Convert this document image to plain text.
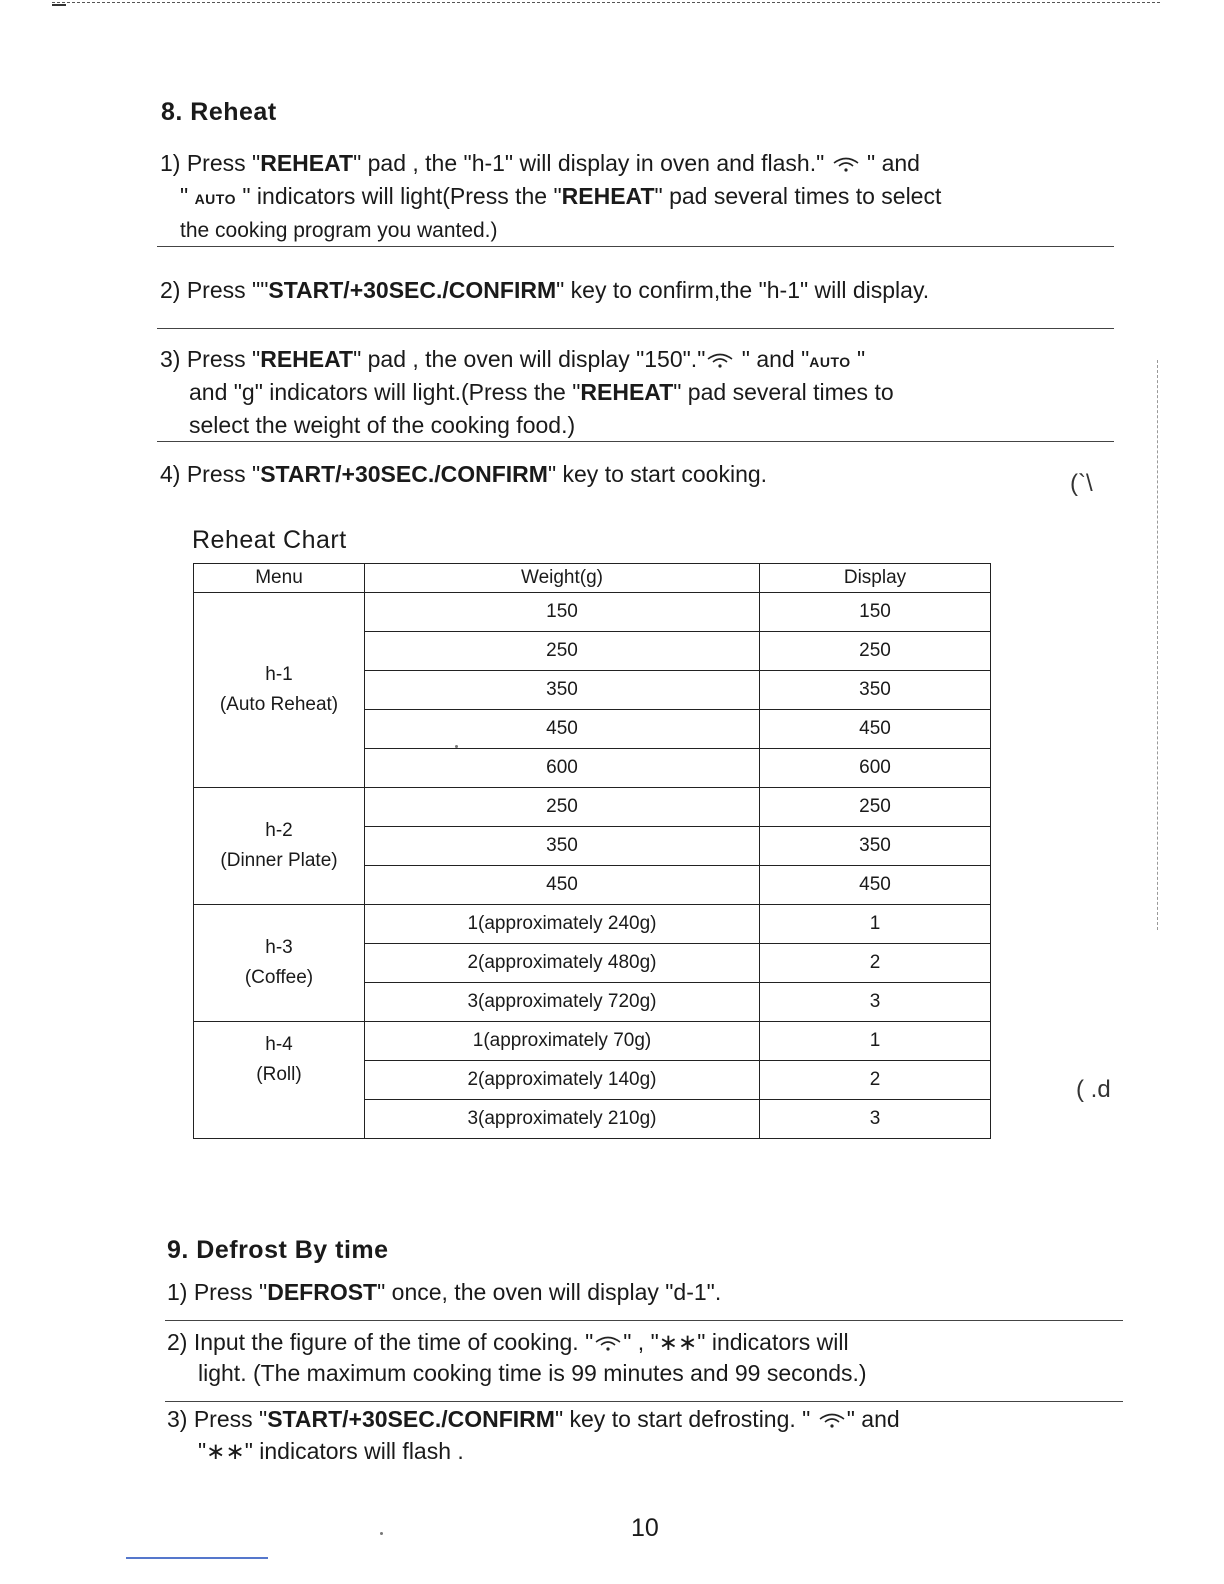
8. Reheat
1) Press "REHEAT" pad , the "h-1" will display in oven and flash."  " and
" AUTO " indicators will light(Press the "REHEAT" pad several times to select
the cooking program you wanted.)
2) Press ""START/+30SEC./CONFIRM" key to confirm,the "h-1" will display.
3) Press "REHEAT" pad , the oven will display "150"." " and "AUTO "
and "g" indicators will light.(Press the "REHEAT" pad several times to
select the weight of the cooking food.)
4) Press "START/+30SEC./CONFIRM" key to start cooking.	(`\
Reheat Chart
Menu	Weight(g)	Display

h-1
(Auto Reheat)	150	150
	250	250
	350	350
	450	450
	600	600

h-2
(Dinner Plate)	250	250
	350	350
	450	450

h-3
(Coffee)	1(approximately 240g)	1
	2(approximately 480g)	2
	3(approximately 720g)	3

h-4
(Roll)	1(approximately 70g)	1
	2(approximately 140g)	2
	3(approximately 210g)	3
( .d
9. Defrost By time
1) Press "DEFROST" once, the oven will display "d-1".
2) Input the figure of the time of cooking. " " , "∗∗" indicators will
light. (The maximum cooking time is 99 minutes and 99 seconds.)
3) Press "START/+30SEC./CONFIRM" key to start defrosting. " " and
"∗∗" indicators will flash .
10
